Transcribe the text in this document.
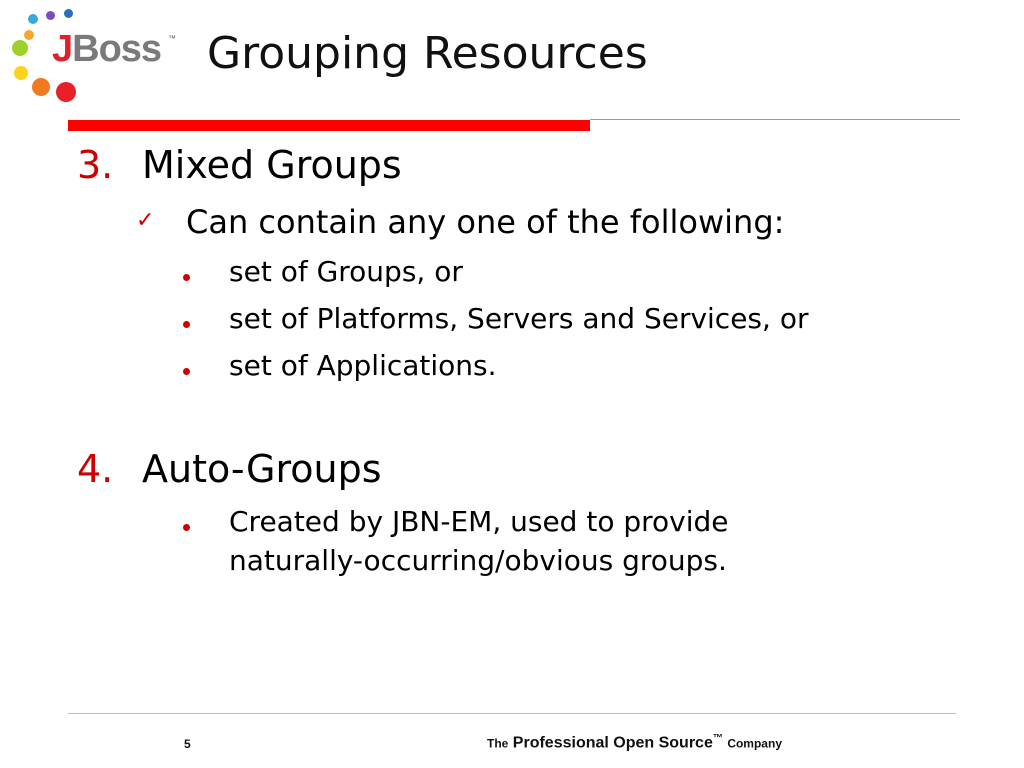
JBoss ™ Grouping Resources
3. Mixed Groups
✓ Can contain any one of the following:
set of Groups, or
set of Platforms, Servers and Services, or
set of Applications.
4. Auto-Groups
Created by JBN-EM, used to provide
naturally-occurring/obvious groups.
5	The Professional Open Source™ Company
